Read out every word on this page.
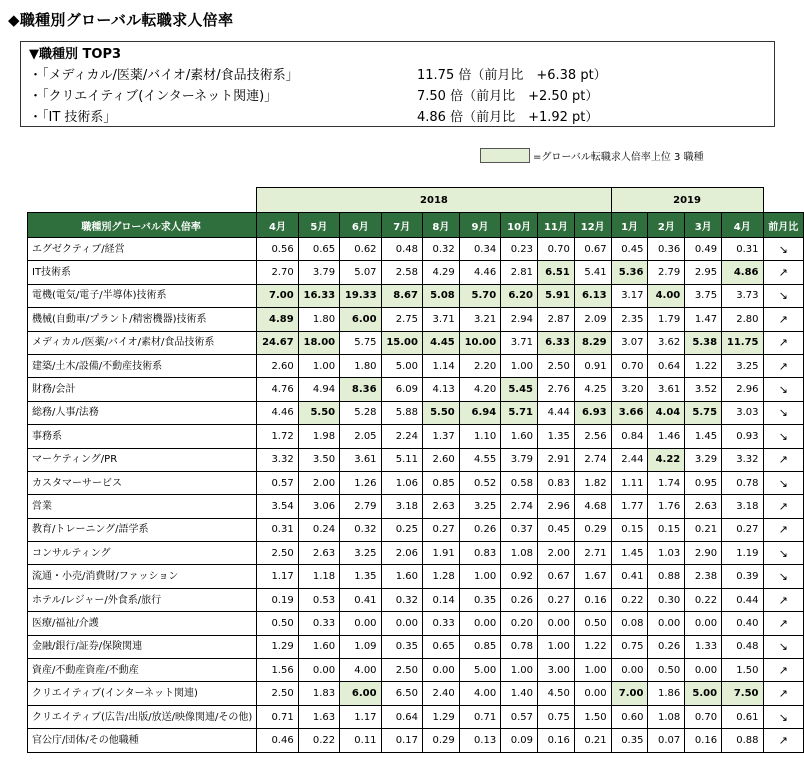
◆職種別グローバル転職求人倍率
▼職種別 TOP3
・「メディカル/医薬/バイオ/素材/食品技術系」	11.75 倍（前月比　+6.38 pt）
・「クリエイティブ(インターネット関連)」	7.50 倍（前月比　+2.50 pt）
・「IT 技術系」	4.86 倍（前月比　+1.92 pt）
=グローバル転職求人倍率上位 3 職種
	2018									2019				
職種別グローバル求人倍率	4月	5月	6月	7月	8月	9月	10月	11月	12月	1月	2月	3月	4月	前月比
エグゼクティブ/経営	0.56	0.65	0.62	0.48	0.32	0.34	0.23	0.70	0.67	0.45	0.36	0.49	0.31	↘
IT技術系	2.70	3.79	5.07	2.58	4.29	4.46	2.81	6.51	5.41	5.36	2.79	2.95	4.86	↗
電機(電気/電子/半導体)技術系	7.00	16.33	19.33	8.67	5.08	5.70	6.20	5.91	6.13	3.17	4.00	3.75	3.73	↘
機械(自動車/プラント/精密機器)技術系	4.89	1.80	6.00	2.75	3.71	3.21	2.94	2.87	2.09	2.35	1.79	1.47	2.80	↗
メディカル/医薬/バイオ/素材/食品技術系	24.67	18.00	5.75	15.00	4.45	10.00	3.71	6.33	8.29	3.07	3.62	5.38	11.75	↗
建築/土木/設備/不動産技術系	2.60	1.00	1.80	5.00	1.14	2.20	1.00	2.50	0.91	0.70	0.64	1.22	3.25	↗
財務/会計	4.76	4.94	8.36	6.09	4.13	4.20	5.45	2.76	4.25	3.20	3.61	3.52	2.96	↘
総務/人事/法務	4.46	5.50	5.28	5.88	5.50	6.94	5.71	4.44	6.93	3.66	4.04	5.75	3.03	↘
事務系	1.72	1.98	2.05	2.24	1.37	1.10	1.60	1.35	2.56	0.84	1.46	1.45	0.93	↘
マーケティング/PR	3.32	3.50	3.61	5.11	2.60	4.55	3.79	2.91	2.74	2.44	4.22	3.29	3.32	↗
カスタマーサービス	0.57	2.00	1.26	1.06	0.85	0.52	0.58	0.83	1.82	1.11	1.74	0.95	0.78	↘
営業	3.54	3.06	2.79	3.18	2.63	3.25	2.74	2.96	4.68	1.77	1.76	2.63	3.18	↗
教育/トレーニング/語学系	0.31	0.24	0.32	0.25	0.27	0.26	0.37	0.45	0.29	0.15	0.15	0.21	0.27	↗
コンサルティング	2.50	2.63	3.25	2.06	1.91	0.83	1.08	2.00	2.71	1.45	1.03	2.90	1.19	↘
流通・小売/消費財/ファッション	1.17	1.18	1.35	1.60	1.28	1.00	0.92	0.67	1.67	0.41	0.88	2.38	0.39	↘
ホテル/レジャー/外食系/旅行	0.19	0.53	0.41	0.32	0.14	0.35	0.26	0.27	0.16	0.22	0.30	0.22	0.44	↗
医療/福祉/介護	0.50	0.33	0.00	0.00	0.33	0.00	0.20	0.00	0.50	0.08	0.00	0.00	0.40	↗
金融/銀行/証券/保険関連	1.29	1.60	1.09	0.35	0.65	0.85	0.78	1.00	1.22	0.75	0.26	1.33	0.48	↘
資産/不動産資産/不動産	1.56	0.00	4.00	2.50	0.00	5.00	1.00	3.00	1.00	0.00	0.50	0.00	1.50	↗
クリエイティブ(インターネット関連)	2.50	1.83	6.00	6.50	2.40	4.00	1.40	4.50	0.00	7.00	1.86	5.00	7.50	↗
クリエイティブ(広告/出版/放送/映像関連/その他)	0.71	1.63	1.17	0.64	1.29	0.71	0.57	0.75	1.50	0.60	1.08	0.70	0.61	↘
官公庁/団体/その他職種	0.46	0.22	0.11	0.17	0.29	0.13	0.09	0.16	0.21	0.35	0.07	0.16	0.88	↗
